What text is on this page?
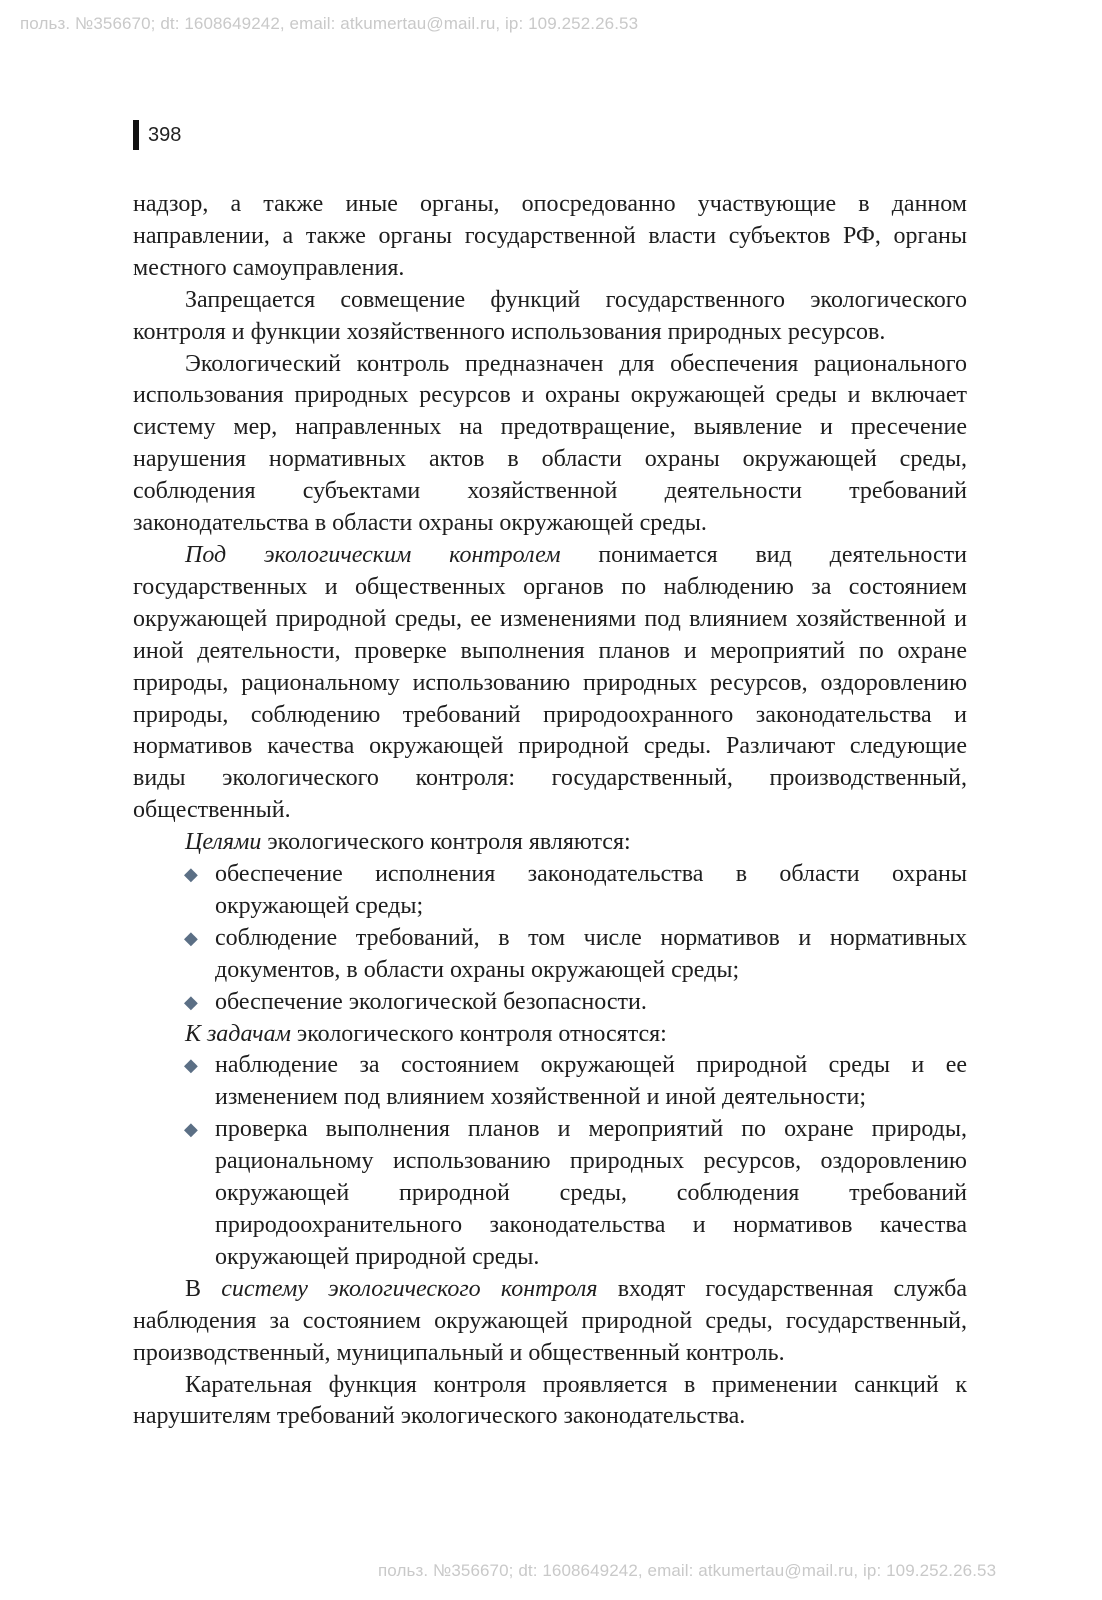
польз. №356670; dt: 1608649242, email: atkumertau@mail.ru, ip: 109.252.26.53
398

надзор, а также иные органы, опосредованно участвующие в данном направлении, а также органы государственной власти субъектов РФ, органы местного самоуправления.

Запрещается совмещение функций государственного экологического контроля и функции хозяйственного использования природных ресурсов.

Экологический контроль предназначен для обеспечения рационального использования природных ресурсов и охраны окружающей среды и включает систему мер, направленных на предотвращение, выявление и пресечение нарушения нормативных актов в области охраны окружающей среды, соблюдения субъектами хозяйственной деятельности требований законодательства в области охраны окружающей среды.

Под экологическим контролем понимается вид деятельности государственных и общественных органов по наблюдению за состоянием окружающей природной среды, ее изменениями под влиянием хозяйственной и иной деятельности, проверке выполнения планов и мероприятий по охране природы, рациональному использованию природных ресурсов, оздоровлению природы, соблюдению требований природоохранного законодательства и нормативов качества окружающей природной среды. Различают следующие виды экологического контроля: государственный, производственный, общественный.

Целями экологического контроля являются:

◆ обеспечение исполнения законодательства в области охраны окружающей среды;
◆ соблюдение требований, в том числе нормативов и нормативных документов, в области охраны окружающей среды;
◆ обеспечение экологической безопасности.

К задачам экологического контроля относятся:

◆ наблюдение за состоянием окружающей природной среды и ее изменением под влиянием хозяйственной и иной деятельности;
◆ проверка выполнения планов и мероприятий по охране природы, рациональному использованию природных ресурсов, оздоровлению окружающей природной среды, соблюдения требований природоохранительного законодательства и нормативов качества окружающей природной среды.

В систему экологического контроля входят государственная служба наблюдения за состоянием окружающей природной среды, государственный, производственный, муниципальный и общественный контроль.

Карательная функция контроля проявляется в применении санкций к нарушителям требований экологического законодательства.

польз. №356670; dt: 1608649242, email: atkumertau@mail.ru, ip: 109.252.26.53
